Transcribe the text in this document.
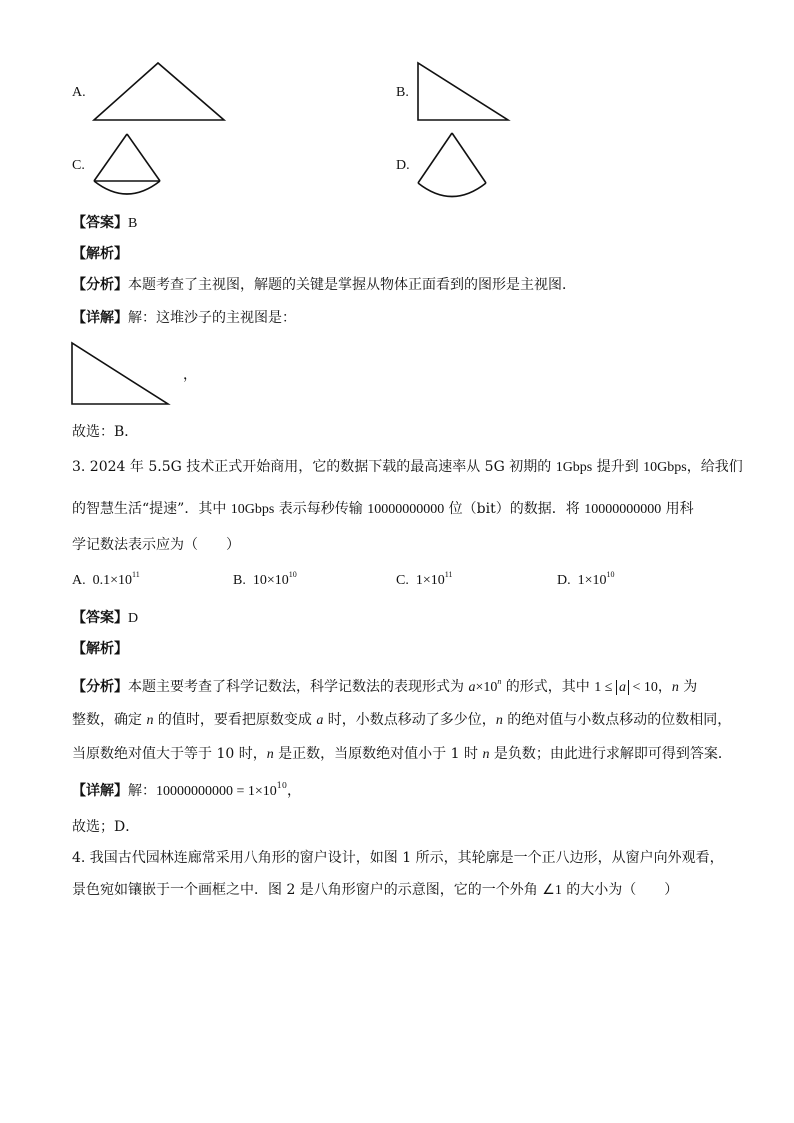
A.	B.
C.	D.
【答案】B
【解析】
【分析】本题考查了主视图，解题的关键是掌握从物体正面看到的图形是主视图．
【详解】解：这堆沙子的主视图是：
，
故选：B．
3. 2024 年 5.5G 技术正式开始商用，它的数据下载的最高速率从 5G 初期的 1Gbps 提升到 10Gbps，给我们
的智慧生活“提速”．其中 10Gbps 表示每秒传输 10000000000 位（bit）的数据．将 10000000000 用科
学记数法表示应为（　　）
A. $0.1\times 10^{11}$	B. $10\times 10^{10}$	C. $1\times 10^{11}$	D. $1\times 10^{10}$
【答案】D
【解析】
【分析】本题主要考查了科学记数法，科学记数法的表现形式为 $a\times 10^n$ 的形式，其中 1 ≤ a < 10，n 为
整数，确定 n 的值时，要看把原数变成 a 时，小数点移动了多少位，n 的绝对值与小数点移动的位数相同，
当原数绝对值大于等于 10 时，n 是正数，当原数绝对值小于 1 时 n 是负数；由此进行求解即可得到答案．
【详解】解：$10000000000 = 1\times 10^{10}$，
故选；D．
4. 我国古代园林连廊常采用八角形的窗户设计，如图 1 所示，其轮廓是一个正八边形，从窗户向外观看，
景色宛如镶嵌于一个画框之中．图 2 是八角形窗户的示意图，它的一个外角 ∠1 的大小为（　　）
